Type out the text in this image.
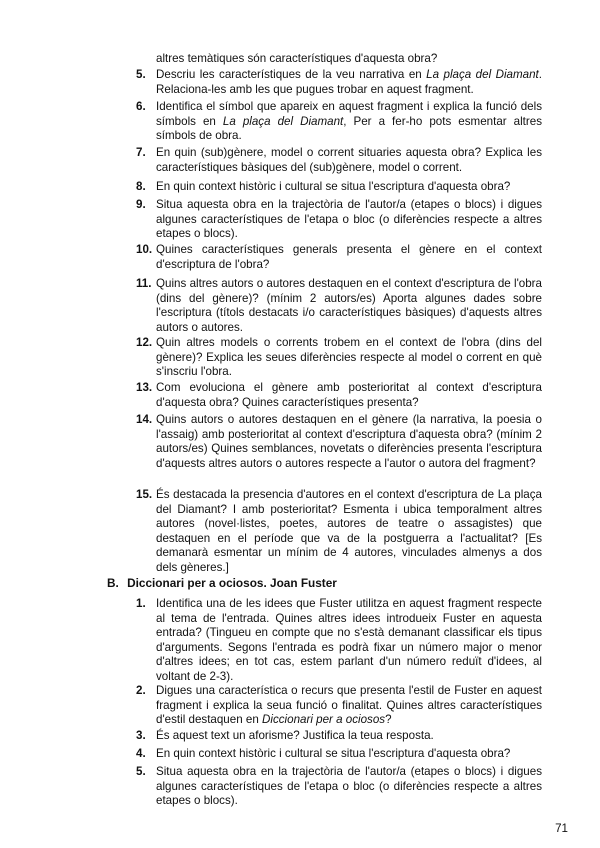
altres temàtiques són característiques d'aquesta obra?
5. Descriu les característiques de la veu narrativa en La plaça del Diamant. Relaciona-les amb les que pugues trobar en aquest fragment.
6. Identifica el símbol que apareix en aquest fragment i explica la funció dels símbols en La plaça del Diamant, Per a fer-ho pots esmentar altres símbols de obra.
7. En quin (sub)gènere, model o corrent situaries aquesta obra? Explica les característiques bàsiques del (sub)gènere, model o corrent.
8. En quin context històric i cultural se situa l'escriptura d'aquesta obra?
9. Situa aquesta obra en la trajectòria de l'autor/a (etapes o blocs) i digues algunes característiques de l'etapa o bloc (o diferències respecte a altres etapes o blocs).
10. Quines característiques generals presenta el gènere en el context d'escriptura de l'obra?
11. Quins altres autors o autores destaquen en el context d'escriptura de l'obra (dins del gènere)? (mínim 2 autors/es) Aporta algunes dades sobre l'escriptura (títols destacats i/o característiques bàsiques) d'aquests altres autors o autores.
12. Quin altres models o corrents trobem en el context de l'obra (dins del gènere)? Explica les seues diferències respecte al model o corrent en què s'inscriu l'obra.
13. Com evoluciona el gènere amb posterioritat al context d'escriptura d'aquesta obra? Quines característiques presenta?
14. Quins autors o autores destaquen en el gènere (la narrativa, la poesia o l'assaig) amb posterioritat al context d'escriptura d'aquesta obra? (mínim 2 autors/es) Quines semblances, novetats o diferències presenta l'escriptura d'aquests altres autors o autores respecte a l'autor o autora del fragment?
15. És destacada la presencia d'autores en el context d'escriptura de La plaça del Diamant? I amb posterioritat? Esmenta i ubica temporalment altres autores (novel·listes, poetes, autores de teatre o assagistes) que destaquen en el període que va de la postguerra a l'actualitat? [Es demanarà esmentar un mínim de 4 autores, vinculades almenys a dos dels gèneres.]
B. Diccionari per a ociosos. Joan Fuster
1. Identifica una de les idees que Fuster utilitza en aquest fragment respecte al tema de l'entrada. Quines altres idees introdueix Fuster en aquesta entrada? (Tingueu en compte que no s'està demanant classificar els tipus d'arguments. Segons l'entrada es podrà fixar un número major o menor d'altres idees; en tot cas, estem parlant d'un número reduït d'idees, al voltant de 2-3).
2. Digues una característica o recurs que presenta l'estil de Fuster en aquest fragment i explica la seua funció o finalitat. Quines altres característiques d'estil destaquen en Diccionari per a ociosos?
3. És aquest text un aforisme? Justifica la teua resposta.
4. En quin context històric i cultural se situa l'escriptura d'aquesta obra?
5. Situa aquesta obra en la trajectòria de l'autor/a (etapes o blocs) i digues algunes característiques de l'etapa o bloc (o diferències respecte a altres etapes o blocs).
71
